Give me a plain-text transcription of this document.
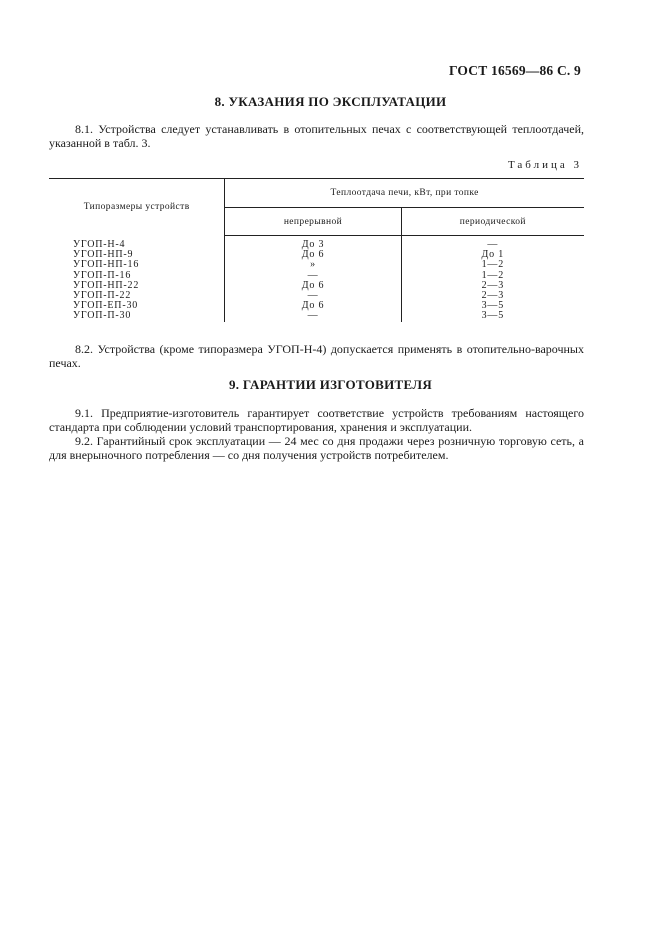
ГОСТ 16569—86 С. 9
8. УКАЗАНИЯ ПО ЭКСПЛУАТАЦИИ

8.1. Устройства следует устанавливать в отопительных печах с соответствующей теплоотдачей, указанной в табл. 3.

Таблица 3
Типоразмеры устройств	Теплоотдача печи, кВт, при топке	
	непрерывной	периодической
УГОП-Н-4	До 3	—
УГОП-НП-9	До 6	До 1
УГОП-НП-16	»	1—2
УГОП-П-16	—	1—2
УГОП-НП-22	До 6	2—3
УГОП-П-22	—	2—3
УГОП-ЕП-30	До 6	3—5
УГОП-П-30	—	3—5

8.2. Устройства (кроме типоразмера УГОП-Н-4) допускается применять в отопительно-варочных печах.

9. ГАРАНТИИ ИЗГОТОВИТЕЛЯ

9.1. Предприятие-изготовитель гарантирует соответствие устройств требованиям настоящего стандарта при соблюдении условий транспортирования, хранения и эксплуатации.

9.2. Гарантийный срок эксплуатации — 24 мес со дня продажи через розничную торговую сеть, а для внерыночного потребления — со дня получения устройств потребителем.
